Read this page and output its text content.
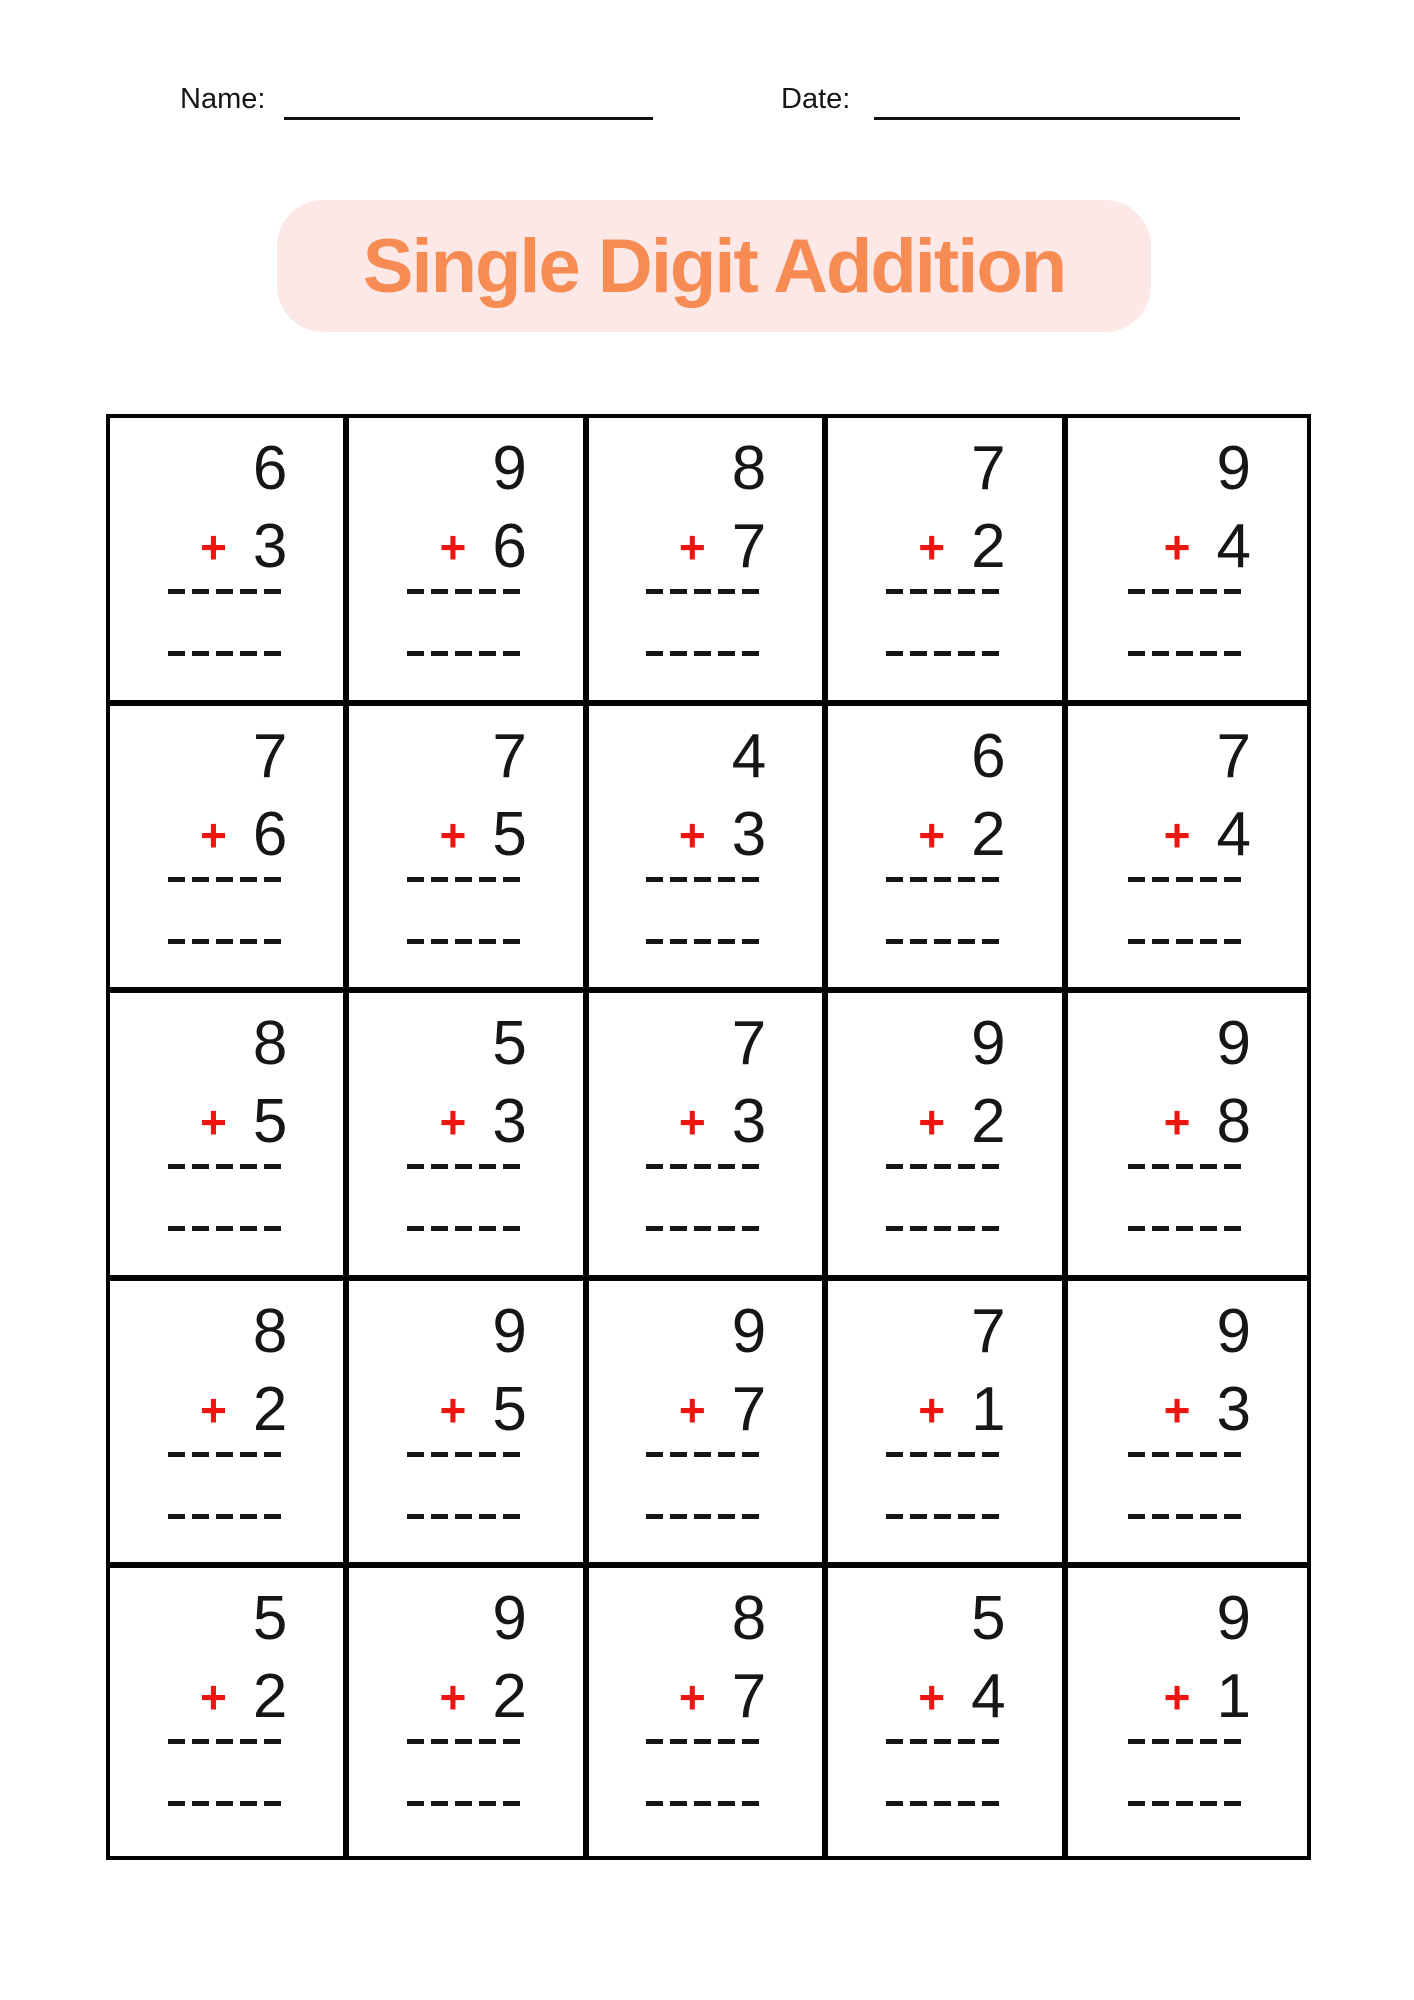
Name:	Date:
Single Digit Addition
6
+ 3
9
+ 6
8
+ 7
7
+ 2
9
+ 4
7
+ 6
7
+ 5
4
+ 3
6
+ 2
7
+ 4
8
+ 5
5
+ 3
7
+ 3
9
+ 2
9
+ 8
8
+ 2
9
+ 5
9
+ 7
7
+ 1
9
+ 3
5
+ 2
9
+ 2
8
+ 7
5
+ 4
9
+ 1
